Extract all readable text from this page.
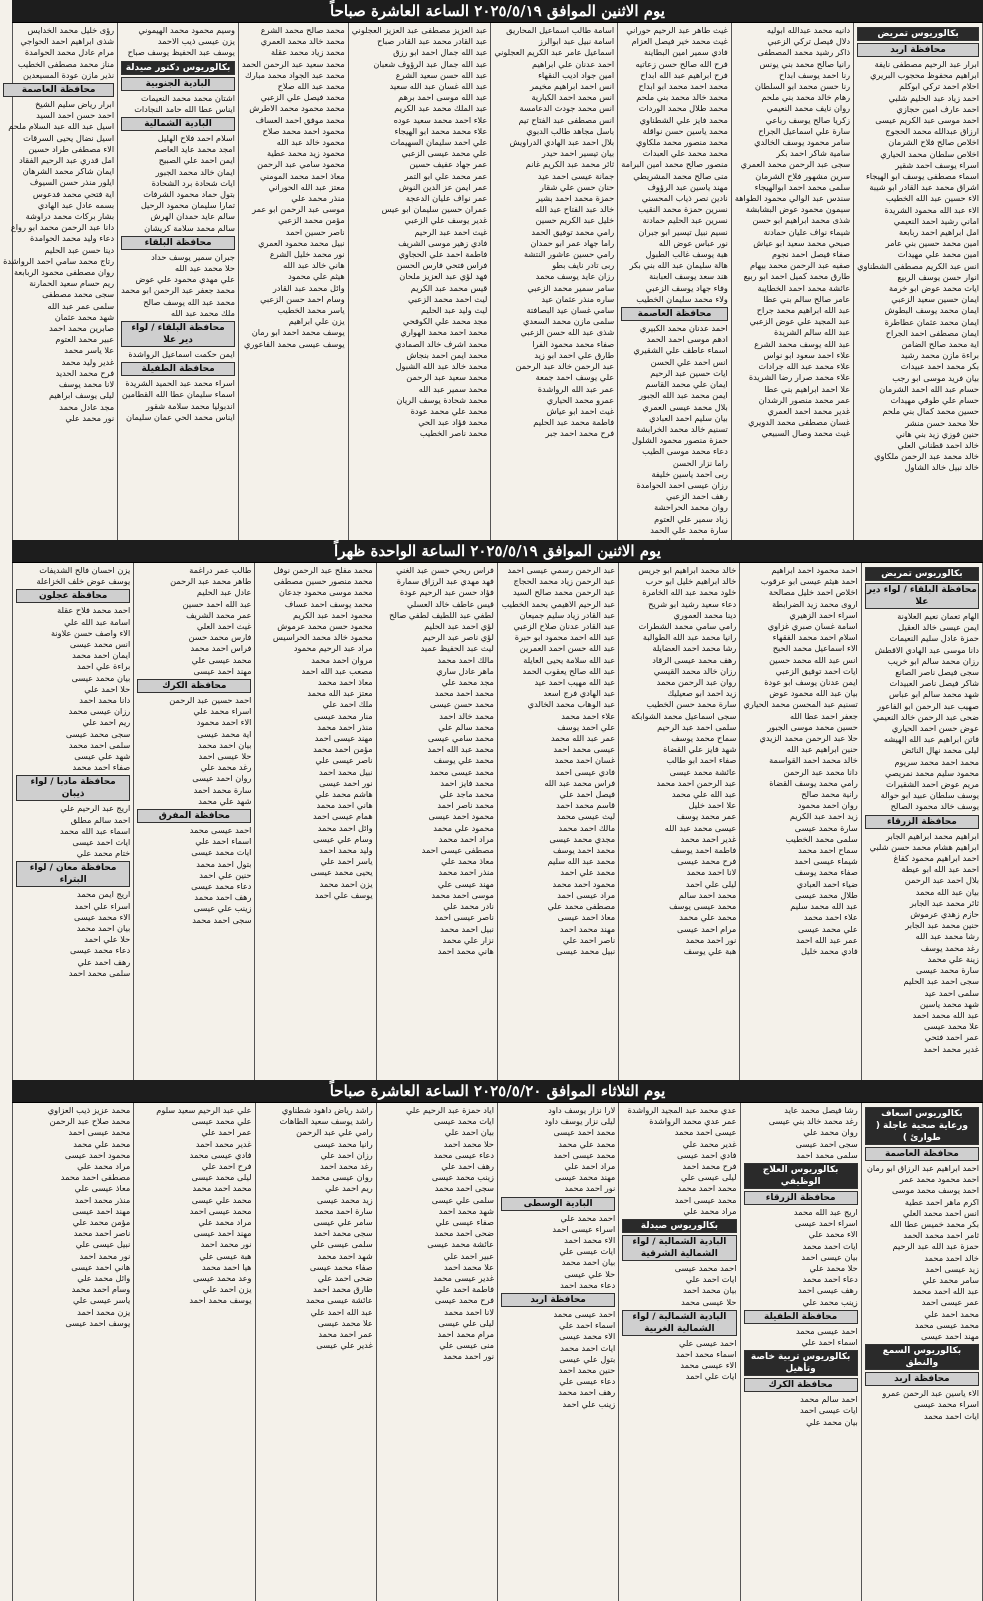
يوم الاثنين الموافق ٢٠٢٥/٥/١٩ الساعة العاشرة صباحاً
بكالوريوس تمريض
محافظة اربد
ابرار عبد الرحيم مصطفى نايفة
ابراهيم محفوظ محجوب البريري
احلام احمد تركي ابوكلم
احمد زياد عبد الحليم شلبي
احمد عارف امين حجازي
احمد موسى عبد الكريم عيسى
ارزاق عبدالله محمد الحجوج
اخلاص صالح فلاح الشرمان
اخلاص سلطان محمد الحياري
اسراء يوسف احمد شقير
اسماء مصطفى يوسف ابو الهيجاء
اشراق محمد عبد القادر ابو شيبة
الاء حسين عبد الله الخطيب
الاء عبد الله محمود الشريدة
اماني رشيد احمد النعيمي
امل ابراهيم احمد ربابعة
امين محمد حسين بني عامر
امين محمد علي مهيدات
انس عبد الكريم مصطفى الشطناوي
انوار حسن يوسف الربيع
ايات محمد عوض ابو خرمة
ايمان حسين سعيد الزعبي
ايمان محمد يوسف البطوش
ايمان محمد عثمان عطاطرة
ايمان مصطفى احمد الجراح
اية محمد صالح الضامن
براءة مازن محمد رشيد
بكر محمد احمد عبيدات
بيان فريد موسى ابو رجب
حسام عبد الله احمد الشرمان
حسام علي طوقي مهيدات
حسين محمد كمال بني ملحم
حلا محمد حسن منشر
حنين فوزي زيد بني هاني
خالد احمد قطناني العلي
خالد محمد عبد الرحمن ملكاوي
خالد نبيل خالد الشاول
دانيه محمد عبدالله ابوليه
دلال فيصل تركي الزعبي
ذاكر رشيد محمد المصطفى
رانيا صالح محمد بني يونس
رنا احمد يوسف ابداح
رنا حسن محمد ابو السلطان
رهام خالد محمد بني ملحم
روان نايف محمد النعيمي
زكريا صالح يوسف رباعي
سارة علي اسماعيل الجراح
سامر محمود يوسف الخالدي
سامية شاكر احمد بكر
سجى عبد الرحمن محمد العمري
سرين مشهور فلاح الشرمان
سلمى محمد احمد ابوالهيجاء
سندس عبد الوالي محمود الطواهة
سيمون محمود عوض البشابشة
شذى محمد ابراهيم ابو حسن
شيماء نواف عليان حمادنة
صبحي محمد سعيد ابو عياش
صفاء فيصل احمد نجوم
صفيه عبد الرحمن محمد بيهام
طارق محمد كميل احمد ابو ربيع
عائشة محمد احمد الخطايبة
عامر صالح سالم بني عطا
عبد الله ابراهيم محمد جراح
عبد المجيد علي عوض الزعبي
عبد الله سالم الشريدة
عبد الله يوسف محمد الشرع
علاء احمد سعود ابو نواس
علاء محمد عبد الله جرادات
علاء محمد صرار رضا الشريدة
علا احمد ابراهيم بني عطا
عمر محمد منصور الرشدان
غدير محمد احمد العمري
غسان مصطفى محمد الدويري
غيث محمد وصال السبيعي
غيث طاهر عبد الرحيم حوراني
غيث محمد خير فيصل العزام
فادي سمير امين البطاينة
فرح الله صالح حسن زعاتيه
فرح ابراهيم عبد الله ابداح
محمد احمد محمد ابو ابداح
محمد خالد محمد بني ملحم
محمد طلال محمد الوردات
محمد فايز علي الشطناوي
محمد ياسين حسن نواقلة
محمد منصور محمد ملكاوي
محمد محمد علي العبدات
منصور صالح محمد امين البرامة
منى صالح محمد المشريطي
مهند ياسين عبد الرؤوف
نادين نصر ذياب المحسني
نسرين حمزة محمد النقيب
نسرين عبد الحليم حمادنة
نسيم نبيل تيسير ابو جبران
نور عباس عوض الله
هبة يوسف غالب الطبول
هالة سليمان عبد الله بني بكر
هند سعد يوسف العبابنة
وفاء جهاد يوسف الزعبي
ولاء محمد سليمان الخطيب
محافظة العاصمة
احمد عدنان محمد الكبيري
ادهم موسى احمد الحمد
اسماء عاطف علي الشقيري
انس احمد علي الحسن
ايات حسين عبد الرحيم
ايمان علي محمد القاسم
ايمن محمد عبد الله الجبور
بلال محمد عيسى العمري
بيان سليم احمد العبادي
تسنيم خالد محمد الخرابشة
حمزة منصور محمود الشلول
دعاء محمد موسى الطيب
راما نزار الحسن
ربى احمد ياسين خليفة
رزان عيسى احمد الحوامدة
رهف احمد الزعبي
روان محمد الحراحشة
زياد سمير علي العتوم
سارة محمد علي الحمد
اسامة طالب اسماعيل المحاريق
اسامة نبيل عبد ابوالرز
اسماعيل عامر عبد الكريم العجلوني
احمد عدنان علي ابراهيم
امين جواد اديب النقهاء
انس احمد ابراهيم مخيمر
انس محمد احمد الكبارية
انس محمد جودت الدعامسة
انس مصطفى عبد الفتاح تيم
باسل مجاهد طالب الدبوي
بلال احمد عبد الهادي الدراويش
بيان تيسير احمد حيدر
ثائر محمد عبد الكريم غانم
جمانة عيسى احمد عيد
حنان حسن علي شقار
حمزة محمد احمد بشير
خالد عبد الفتاح عبد الله
خليل عبد الكريم حسين
رامي محمد توفيق الحمد
راما جهاد عمر ابو حمدان
رامي حسين عاشور النتشة
ربى تادر نايف بطو
رزان عايد يوسف محمد
سامر سمير محمد الزعبي
ساره منذر عثمان عيد
سامي غسان عيد البصافتة
سلمى مازن محمد السعدي
شذى عبد الله حسن الزعبي
صفاء محمد محمود الفرا
طارق علي احمد ابو زيد
عبد الرحمن خالد عبد الرحمن
علي يوسف احمد جمعة
عمر عبد الله الرواشدة
عمرو محمد الحياري
غيث احمد ابو عياش
فاطمة محمد عبد الحليم
فرح محمد احمد جبر
عبد العزيز مصطفى عبد العزيز العجلوني
عبد القادر محمد عبد القادر صباح
عبد الله جمال احمد ابو رزق
عبد الله جمال عبد الرؤوف شعبان
عبد الله حسن سعيد الشرع
عبد الله غسان عبد الله سعيد
عبد الله موسى احمد برهم
عبد الملك محمد عبد الكريم
علاء احمد محمد سعيد عوده
علاء محمد محمد ابو الهيجاء
علي احمد سليمان السهيمات
علي محمد عيسى الزعبي
عمر جهاد عفيف حسين
عمر محمد علي ابو التمر
عمر ايمن عز الدين النوش
عمر نواف عليان الدعجة
عمران حسين سليمان ابو عيس
غدير يوسف علي الزعبي
غيث احمد عبد الرحيم
فادي زهير موسى الشريف
فاطمة احمد علي الحجاوي
فراس فتحي فارس الحسن
فهد لؤي عبد العزيز ملحان
قيس محمد عبد الكريم
ليث احمد محمد الزعبي
ليث وليد عبد الحليم
مجد محمد علي الكوفحي
محمد احمد محمد الهواري
محمد اشرف خالد الصمادي
محمد ايمن احمد بنجاش
محمد خالد عبد الله الشبول
محمد سعيد عبد الرحمن
محمد سمير عبد الله
محمد شحادة يوسف الريان
محمد علي محمد عودة
محمد فؤاد عبد الحي
محمد ناصر الخطيب
محمد صالح محمد الشرع
محمد خالد محمد العمري
محمد زياد محمد عقلة
محمد سعيد عبد الرحمن الحمد
محمد عبد الجواد محمد مبارك
محمد عبد الله صلاح
محمد فيصل علي الزعبي
محمد محمود محمد الاطرش
محمد موفق احمد العساف
محمود احمد محمد صلاح
محمود خالد عبد الله
محمود زيد محمد عطية
محمود سامي عبد الرحمن
معاذ احمد محمد المومني
معتز عبد الله الحوراني
منذر محمد علي
موسى عبد الرحمن ابو عمر
مؤمن محمد الزعبي
ناصر حسين احمد
نبيل محمد محمود العمري
نور محمد خليل الشرع
هاني خالد عبد الله
هيثم علي محمود
وائل محمد عبد القادر
وسام احمد حسن الزعبي
ياسر محمد الخطيب
يزن علي ابراهيم
يوسف محمد احمد ابو رمان
يوسف عيسى محمد الفاعوري
وسيم محمود محمد الهيموني
يزن عيسى ذيب الاحمد
يوسف عبد الحفيظ يوسف صباح
بكالوريوس دكتور صيدلة
البادية الجنوبية
اشتان محمد محمد النعيمات
ايناس عطا الله حامد النجادات
البادية الشمالية
اسلام احمد فلاح الهليل
امجد محمد عايد العاصم
ايمن احمد علي الصبيح
ايمان خالد محمد الجبور
ايات شحادة برد الشحادة
بتول حماد محمود الشرفات
تمارا سليمان محمود الرحيل
سالم عايد حمدان الهرش
سالم محمد سلامة كريشان
محافظة البلقاء
جبران سمير يوسف حداد
حلا محمد عبد الله
علي مهدي محمود علي عوض
محمد جعفر عبد الرحمن ابو محمد
محمد عبد الله يوسف صالح
ملك محمد عبد الله
محافظة البلقاء / لواء دير علا
ايمن حكمت اسماعيل الرواشدة
محافظة الطفيلة
اسراء محمد عبد الحميد الشريدة
اسماء سليمان عطا الله القطامين
اندبوليا محمد سلامة شقور
ايناس محمد الحي عمان سليمان
رؤى خليل محمد الخدايس
شذى ابراهيم احمد الحواجي
مرام عادل محمد الحوامدة
مناز محمد مصطفى الخطيب
نذير مازن عودة المسيعدين
محافظة العاصمة
ابرار رياض سليم الشيخ
احمد حسن احمد السيد
اسيل عبد الله عبد السلام ملحم
اسيل نضال يحيى السرقات
الاء مصطفى طراد حسين
امل قدري عبد الرحيم الفقاد
ايمان شاكر محمد الشرهان
ايلور منذر حسن السيوف
اية فتحي محمد فدعوس
بسمه عادل عبد الهادي
بشار بركات محمد دراوشة
دانا عبد الرحمن محمد ابو رواع
دعاء وليد محمد الحوامدة
دينا حسن عبد الحليم
رتاج محمد سامي احمد الرواشدة
روان مصطفى محمود الربابعة
ريم حسام سعيد الحمارنة
سجى محمد مصطفى
سلمى عمر عبد الله
شهد محمد عثمان
صابرين محمد احمد
عبير محمد العتوم
علا ياسر محمد
غدير وليد محمد
فرح محمد الحديد
لانا محمد يوسف
ليلى يوسف ابراهيم
مجد عادل محمد
نور محمد علي
يوم الاثنين الموافق ٢٠٢٥/٥/١٩ الساعة الواحدة ظهراً
بكالوريوس تمريض
محافظة البلقاء / لواء دير علا
الهام تعمان نعيم العلاونة
ايمن عيسى خالد العقيل
حمزة عادل سليم النعيمات
دانا موسى عبد الهادي الاقطش
رزان محمد سالم ابو خريب
سجى فيصل ناصر الصانع
شاكر فيصل ناصر العبيدات
شهد محمد سالم ابو عباس
صهيب عبد الرحمن ابو الفاعور
ضحى عبد الرحمن خالد النعيمي
عوض حسن احمد الحياري
فاتن ابراهيم عبد الله الهيشه
ليلى محمد نهال النائض
محمد احمد محمد سريوم
محمود سليم محمد نمريصي
مريم عوض احمد الشقيرات
يوسف سلطان عبيد ابو حوالة
يوسف خالد محمود الصالح
محافظة الزرقاء
ابراهيم محمد ابراهيم الجابر
ابراهيم هشام محمد حسن شلبي
احمد ابراهيم محمود كفاغ
احمد عبد الله ابو عيطة
بلال احمد عبد الرحمن
بيان عبد الله محمد
ثائر محمد عبد الجابر
حازم زهدي عرموش
حنين محمد عبد الجابر
رشا محمد عبد الله
رغد محمد يوسف
زينة علي محمد
سارة محمد عيسى
سجى احمد عبد الحليم
سلمى احمد عيد
شهد محمد ياسين
عبد الله محمد احمد
علا محمد عيسى
عمر احمد فتحي
غدير محمد احمد
احمد محمود احمد ابراهيم
احمد هيثم عيسى ابو عرقوب
اخلاص احمد خليل مصالحة
اروى محمد زيد الضرابطة
اسراء احمد الزهيري
اسامة غسان صبري غزاوي
اسلام احمد محمد الفقهاء
الاء اسماعيل محمد الحيح
انس عبد الله محمد حسين
ايات احمد توفيق الزعبي
ايمن عدنان يوسف ابو عودة
بيان عبد الله محمود عوض
تسنيم عبد المحسن محمد الحياري
جعفر احمد عطا الله
حسين محمد موسى الجبور
حلا عبد الرحمن محمد الزيدي
حنين ابراهيم عبد الله
خالد محمد احمد القواسمة
دانا محمد عبد الرحمن
رامي محمد يوسف القضاة
رانية محمد صالح
روان احمد محمود
زيد احمد عبد الكريم
سارة محمد عيسى
سلمى محمد الخطيب
سماح احمد محمد
شيماء عيسى احمد
صفاء محمد يوسف
ضياء احمد العبادي
طلال محمد عيسى
عبد الله محمد سليم
علاء احمد محمد
علي محمد عيسى
عمر عبد الله احمد
فادي محمد خليل
خالد محمد ابراهيم ابو جريس
خالد ابراهيم خليل ابو حرب
خلود محمد عبد الله الخامرة
دعاء سعيد رشيد ابو شريح
دينا محمد العموري
رامي سامي محمد الشطرات
رانيا محمد عبد الله الطوالبة
رشا محمد احمد العضايلة
رهف محمد عيسى الرقاد
رزان خالد محمد القيسي
روان عبد الرحمن محمد
زيد احمد ابو صعيليك
سارة محمد حسن الخطيب
سجى اسماعيل محمد الشوابكة
سلمى احمد عبد الرحيم
سماح محمد يوسف
شهد فايز علي القضاة
صفاء احمد ابو طالب
عائشة محمد عيسى
عبد الرحمن احمد محمد
عبد الله علي محمد
علا احمد خليل
عمر محمد يوسف
عيسى محمد عبد الله
غدير احمد محمد
فاطمة احمد يوسف
فرح محمد عيسى
لانا احمد محمد
ليلى علي احمد
محمد احمد سالم
محمد عيسى يوسف
محمد علي محمد
مرام احمد عيسى
نور احمد محمد
هبة علي يوسف
عبد الرحمن رسمي عيسى احمد
عبد الرحمن زياد محمد الحجاج
عبد الرحمن محمد صالح السيد
عبد الرحيم الاهيمي بحمد الخطيب
عبد القادر زياد سليم جميعان
عبد القادر عدنان صلاح الزعبي
عبد الله احمد محمود ابو حبرة
عبد الله حسن احمد العمرين
عبد الله سلامة يحيى العايلة
عبد الله صالح يعقوب الحمد
عبد الله مهيب احمد عيد
عبد الهادي فرج اسعد
عبد الوهاب محمد الخالدي
علاء احمد محمد
علي احمد يوسف
عمر عبد الله محمد
عيسى محمد احمد
غسان احمد محمد
فادي عيسى احمد
فراس محمد عبد الله
فيصل احمد علي
قاسم محمد احمد
ليث عيسى محمد
مالك احمد محمد
مجدي محمد عيسى
محمد احمد يوسف
محمد عبد الله سليم
محمد علي احمد
محمود احمد محمد
مراد عيسى احمد
مصطفى محمد علي
معاذ احمد عيسى
مهند محمد احمد
ناصر احمد علي
نبيل محمد عيسى
فراس ربحي حسن عبد الغني
فهد مهدي عبد الرزاق سمارة
فؤاد حسن عبد الرحيم عودة
قيس عاطف خالد العسلي
لطفي عبد اللطيف لطفي صالح
لؤي احمد عبد الحليم
لؤي ناصر عبد الرحيم
ليث عبد الحفيظ عميد
مالك احمد محمد
ماهر عادل ساري
مجد محمد علي
محمد احمد محمد
محمد حسن عيسى
محمد خالد احمد
محمد سالم علي
محمد سامي عيسى
محمد عبد الله احمد
محمد علي يوسف
محمد عيسى محمد
محمد فايز احمد
محمد ماجد علي
محمد ناصر احمد
محمود احمد عيسى
محمود علي محمد
مراد احمد محمد
مصطفى عيسى احمد
معاذ محمد علي
منذر احمد محمد
مهند عيسى علي
موسى احمد محمد
نادر محمد علي
ناصر عيسى احمد
نبيل احمد محمد
نزار علي محمد
هاني محمد احمد
محمد مفلح عبد الرحمن نوفل
محمد منصور حسين مصطفى
محمد موسى محمود جدعان
محمد يوسف احمد عساف
محمود احمد عبد الكريم
محمود حسن محمد عرموش
محمود خالد محمد الحراسيس
مراد عبد الرحيم محمود
مروان احمد محمد
مصعب عبد الله احمد
معاذ احمد محمد
معتز عبد الله محمد
ملك احمد علي
منار محمد عيسى
منذر احمد محمد
مهند عيسى احمد
مؤمن احمد محمد
ناصر عيسى علي
نبيل محمد احمد
نور احمد عيسى
هاشم محمد علي
هاني احمد محمد
همام عيسى احمد
وائل احمد محمد
وسام علي عيسى
وليد محمد احمد
ياسر احمد علي
يحيى محمد عيسى
يزن احمد محمد
يوسف علي احمد
طالب عمر دراغمة
طاهر محمد عبد الرحمن
عادل عبد الحليم
عبد الله احمد حسين
عمر محمد الشريف
غيث احمد العلي
فارس محمد حسن
فراس احمد محمد
محمد عيسى علي
مهند احمد عيسى
محافظة الكرك
احمد حسين عبد الرحمن
اسراء محمد علي
الاء احمد محمود
اية محمد عيسى
بيان احمد محمد
حلا عيسى احمد
رغد محمد علي
روان احمد عيسى
سارة محمد احمد
شهد علي محمد
محافظة المفرق
احمد عيسى محمد
اسماء احمد علي
ايات محمد عيسى
بتول احمد محمد
حنين علي احمد
دعاء محمد عيسى
رهف احمد محمد
زينب علي عيسى
سجى احمد محمد
يزن احسان فالح الشديفات
يوسف عوض خلف الخزاعلة
محافظة عجلون
احمد محمد فلاح عقلة
اسامة عبد الله علي
الاء واصف حسن علاونة
انس محمد عيسى
ايمان احمد محمد
براءة علي احمد
بيان محمد عيسى
حلا احمد علي
دانا محمد احمد
رزان عيسى محمد
ريم احمد علي
سجى محمد عيسى
سلمى احمد محمد
شهد علي عيسى
صفاء احمد محمد
محافظة مادبا / لواء ذيبان
اريج عبد الرحيم علي
احمد سالم مطلق
اسماء عبد الله محمد
ايات احمد عيسى
ختام محمد علي
محافظة معان / لواء البتراء
اريج ايمن محمد
اسراء علي احمد
الاء محمد عيسى
بيان احمد محمد
حلا علي احمد
دعاء محمد عيسى
رهف احمد علي
سلمى محمد احمد
يوم الثلاثاء الموافق ٢٠٢٥/٥/٢٠ الساعة العاشرة صباحاً
بكالوريوس اسعاف ورعاية صحية عاجلة ( طوارئ )
محافظة العاصمة
احمد ابراهيم عبد الرزاق ابو رمان
احمد محمود محمد عمر
احمد يوسف محمد موسى
اكرم ماهر احمد عطية
انس احمد محمد العلي
بكر محمد خميس عطا الله
ثامر احمد محمد الحمد
حمزة عبد الله عبد الرحيم
خالد احمد محمد
زيد عيسى احمد
سامر محمد علي
عبد الله احمد محمد
عمر عيسى احمد
محمد احمد علي
محمد عيسى محمد
مهند احمد عيسى
بكالوريوس السمع والنطق
محافظة اربد
الاء ياسين عبد الرحمن عمرو
اسراء محمد عيسى
ايات احمد محمد
رشا فيصل محمد عايد
رغد محمد خالد بني عيسى
روان محمد علي
سجى احمد عيسى
سلمى محمد احمد
بكالوريوس العلاج الوظيفي
محافظة الزرقاء
اريج عبد الله محمد
اسراء احمد عيسى
الاء محمد علي
ايات احمد محمد
بيان عيسى احمد
حلا محمد علي
دعاء احمد محمد
رهف عيسى احمد
زينب محمد علي
محافظة الطفيلة
احمد عيسى محمد
اسماء احمد علي
بكالوريوس تربية خاصة وتأهيل
محافظة الكرك
احمد سالم محمد
ايات عيسى احمد
بيان محمد علي
عدي محمد عبد المجيد الرواشدة
عمر عدي محمد الرواشدة
عيسى احمد محمد
غدير محمد علي
فادي احمد عيسى
فرح محمد احمد
ليلى عيسى علي
محمد احمد محمد
محمد عيسى احمد
مراد محمد علي
بكالوريوس صيدلة
البادية الشمالية / لواء الشمالية الشرقية
احمد محمد عيسى
ايات احمد علي
بيان محمد احمد
حلا عيسى محمد
البادية الشمالية / لواء الشمالية الغربية
احمد عيسى علي
اسماء محمد احمد
الاء عيسى محمد
ايات علي احمد
لارا نزار يوسف داود
ليلى نزار يوسف داود
محمد احمد عيسى
محمد علي محمد
محمد عيسى احمد
مراد احمد علي
مهند محمد عيسى
نور احمد محمد
البادية الوسطى
احمد محمد علي
اسراء عيسى احمد
الاء محمد احمد
ايات عيسى علي
بيان احمد محمد
حلا علي عيسى
دعاء محمد احمد
محافظة اربد
احمد عيسى محمد
اسماء احمد علي
الاء محمد عيسى
ايات احمد محمد
بتول علي عيسى
حنين محمد احمد
دعاء عيسى علي
رهف احمد محمد
زينب علي احمد
اياد حمزة عبد الرحيم علي
ايات محمد عيسى
بيان احمد علي
حلا محمد احمد
دعاء عيسى محمد
رهف احمد علي
زينب محمد عيسى
سجى احمد محمد
سلمى علي عيسى
شهد محمد احمد
صفاء عيسى علي
ضحى احمد محمد
عائشة محمد عيسى
عبير احمد علي
علا محمد احمد
غدير عيسى محمد
فاطمة احمد علي
فرح محمد عيسى
لانا احمد محمد
ليلى علي عيسى
مرام محمد احمد
منى عيسى علي
نور احمد محمد
راشد رياض داهود شطناوي
راشد يوسف سعيد الطاهات
رامي علي عبد الرحمن
رانيا محمد عيسى
رزان احمد علي
رغد محمد احمد
روان عيسى محمد
ريم احمد علي
زيد محمد عيسى
سارة احمد محمد
سامر علي عيسى
سجى محمد احمد
سلمى عيسى علي
شهد احمد محمد
صفاء محمد عيسى
ضحى احمد علي
طارق محمد احمد
عائشة عيسى محمد
عبد الله احمد علي
علا محمد عيسى
عمر احمد محمد
غدير علي عيسى
علي عبد الرحيم سعيد سلوم
علي محمد عيسى
عمر احمد علي
غدير محمد احمد
فادي عيسى محمد
فرح احمد علي
ليلى محمد عيسى
محمد احمد محمد
محمد علي عيسى
محمد عيسى احمد
مراد محمد علي
مهند احمد عيسى
نور محمد احمد
هبة عيسى علي
هيا احمد محمد
وعد محمد عيسى
يزن احمد علي
يوسف محمد احمد
محمد عزيز ذيب العزاوي
محمد صلاح عبد الرحمن
محمد عيسى احمد
محمد علي محمد
محمود احمد عيسى
مراد محمد علي
مصطفى احمد محمد
معاذ عيسى علي
منذر محمد احمد
مهند احمد عيسى
مؤمن محمد علي
ناصر احمد محمد
نبيل عيسى علي
نور محمد احمد
هاني احمد عيسى
وائل محمد علي
وسام احمد محمد
ياسر عيسى علي
يزن محمد احمد
يوسف احمد عيسى
